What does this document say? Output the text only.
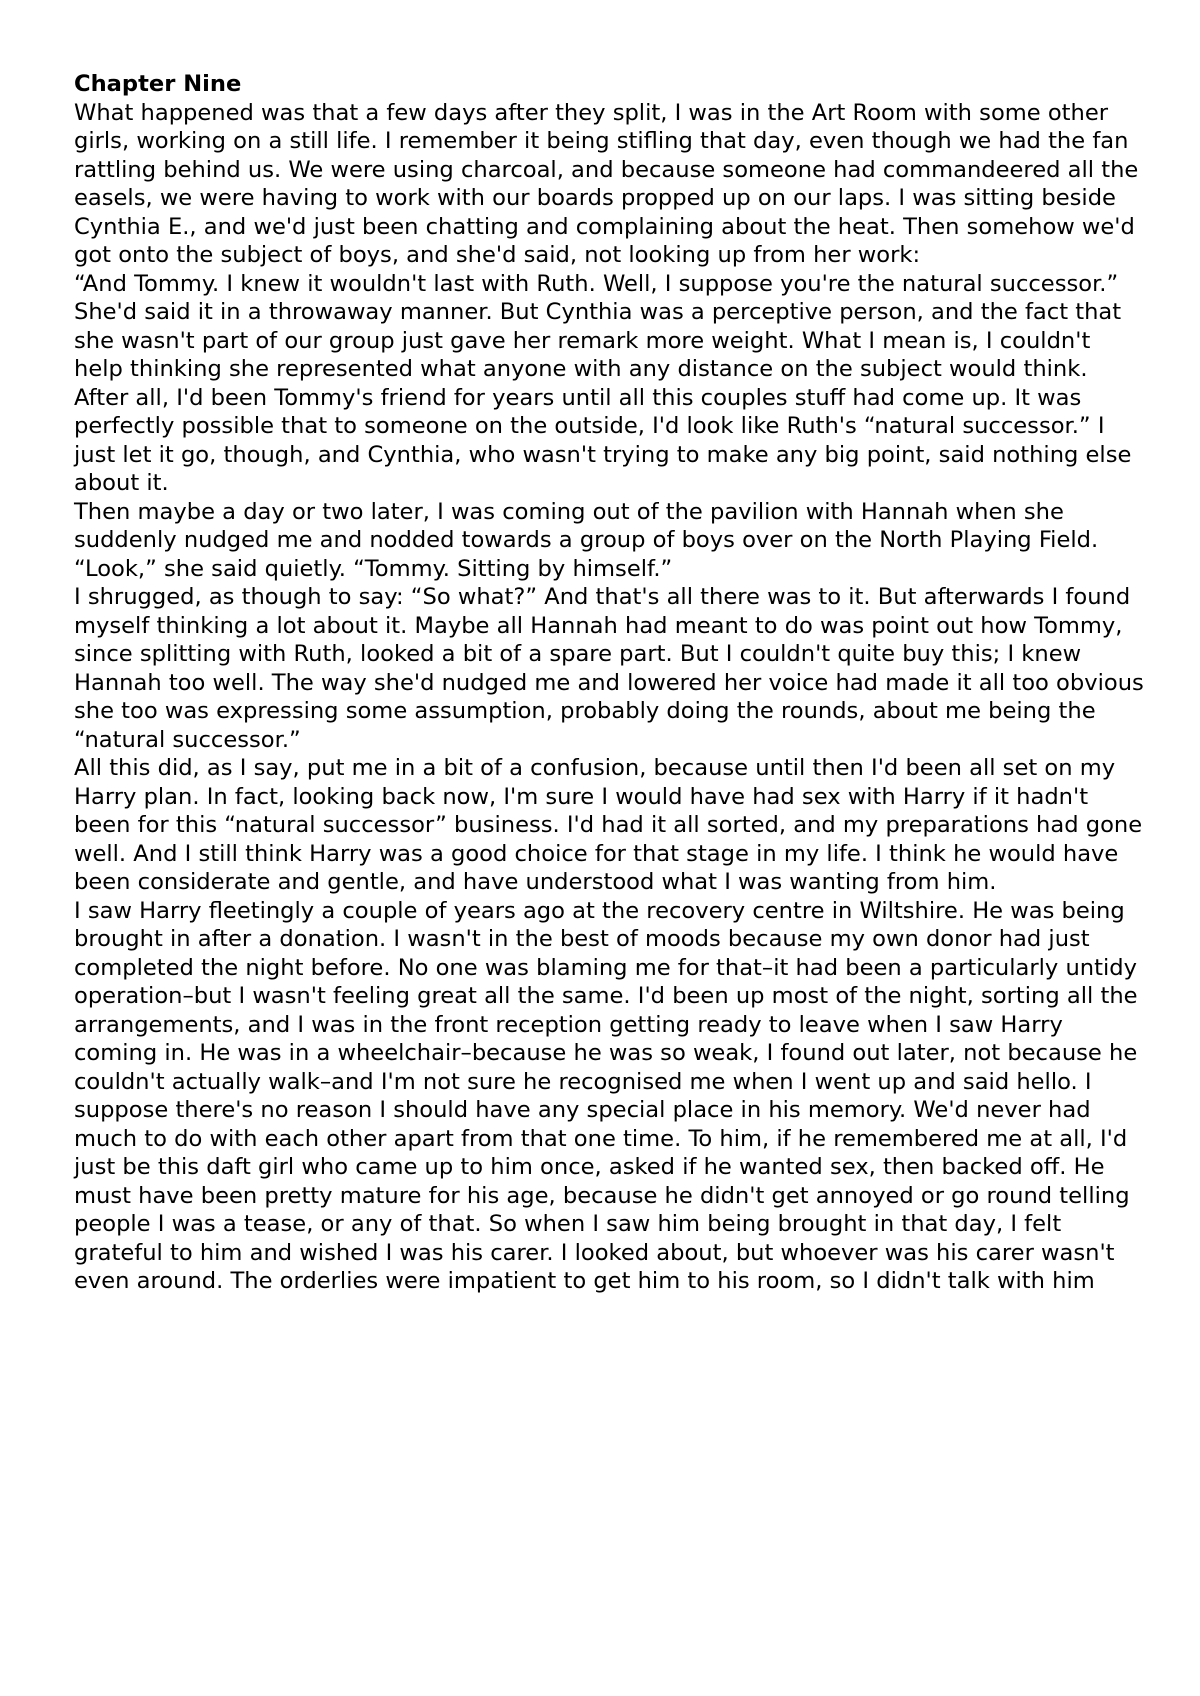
Chapter Nine

What happened was that a few days after they split, I was in the Art Room with some other girls, working on a still life. I remember it being stifling that day, even though we had the fan rattling behind us. We were using charcoal, and because someone had commandeered all the easels, we were having to work with our boards propped up on our laps. I was sitting beside Cynthia E., and we'd just been chatting and complaining about the heat. Then somehow we'd got onto the subject of boys, and she'd said, not looking up from her work:

“And Tommy. I knew it wouldn't last with Ruth. Well, I suppose you're the natural successor.”

She'd said it in a throwaway manner. But Cynthia was a perceptive person, and the fact that she wasn't part of our group just gave her remark more weight. What I mean is, I couldn't help thinking she represented what anyone with any distance on the subject would think. After all, I'd been Tommy's friend for years until all this couples stuff had come up. It was perfectly possible that to someone on the outside, I'd look like Ruth's “natural successor.” I just let it go, though, and Cynthia, who wasn't trying to make any big point, said nothing else about it.

Then maybe a day or two later, I was coming out of the pavilion with Hannah when she suddenly nudged me and nodded towards a group of boys over on the North Playing Field.

“Look,” she said quietly. “Tommy. Sitting by himself.”

I shrugged, as though to say: “So what?” And that's all there was to it. But afterwards I found myself thinking a lot about it. Maybe all Hannah had meant to do was point out how Tommy, since splitting with Ruth, looked a bit of a spare part. But I couldn't quite buy this; I knew Hannah too well. The way she'd nudged me and lowered her voice had made it all too obvious she too was expressing some assumption, probably doing the rounds, about me being the “natural successor.”

All this did, as I say, put me in a bit of a confusion, because until then I'd been all set on my Harry plan. In fact, looking back now, I'm sure I would have had sex with Harry if it hadn't been for this “natural successor” business. I'd had it all sorted, and my preparations had gone well. And I still think Harry was a good choice for that stage in my life. I think he would have been considerate and gentle, and have understood what I was wanting from him.

I saw Harry fleetingly a couple of years ago at the recovery centre in Wiltshire. He was being brought in after a donation. I wasn't in the best of moods because my own donor had just completed the night before. No one was blaming me for that–it had been a particularly untidy operation–but I wasn't feeling great all the same. I'd been up most of the night, sorting all the arrangements, and I was in the front reception getting ready to leave when I saw Harry coming in. He was in a wheelchair–because he was so weak, I found out later, not because he couldn't actually walk–and I'm not sure he recognised me when I went up and said hello. I suppose there's no reason I should have any special place in his memory. We'd never had much to do with each other apart from that one time. To him, if he remembered me at all, I'd just be this daft girl who came up to him once, asked if he wanted sex, then backed off. He must have been pretty mature for his age, because he didn't get annoyed or go round telling people I was a tease, or any of that. So when I saw him being brought in that day, I felt grateful to him and wished I was his carer. I looked about, but whoever was his carer wasn't even around. The orderlies were impatient to get him to his room, so I didn't talk with him
